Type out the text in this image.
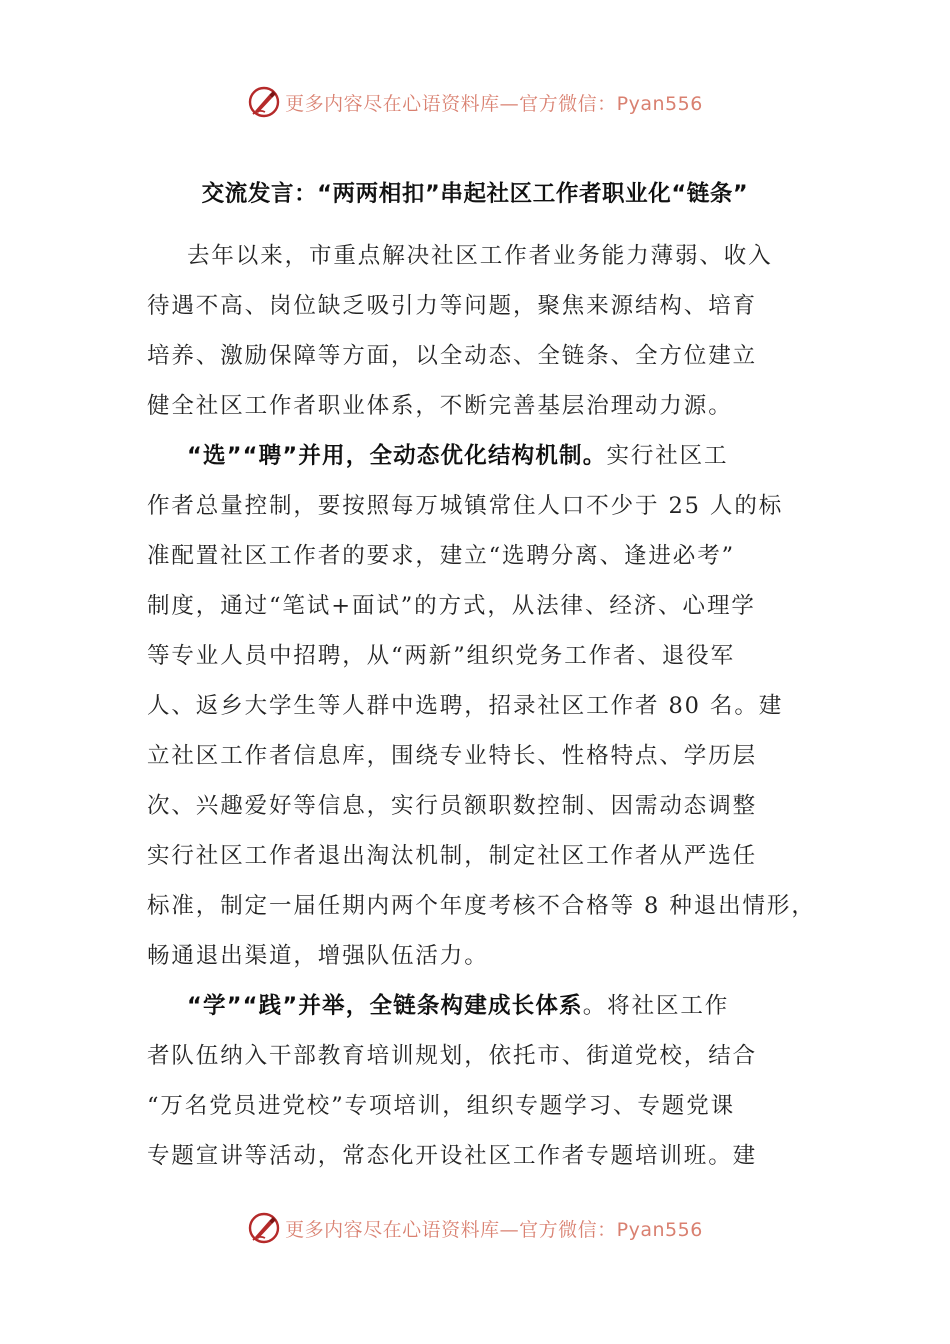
更多内容尽在心语资料库—官方微信：Pyan556
交流发言：“两两相扣”串起社区工作者职业化“链条”
去年以来，市重点解决社区工作者业务能力薄弱、收入
待遇不高、岗位缺乏吸引力等问题，聚焦来源结构、培育
培养、激励保障等方面，以全动态、全链条、全方位建立
健全社区工作者职业体系，不断完善基层治理动力源。
“选”“聘”并用，全动态优化结构机制。实行社区工
作者总量控制，要按照每万城镇常住人口不少于 25 人的标
准配置社区工作者的要求，建立“选聘分离、逢进必考”
制度，通过“笔试+面试”的方式，从法律、经济、心理学
等专业人员中招聘，从“两新”组织党务工作者、退役军
人、返乡大学生等人群中选聘，招录社区工作者 80 名。建
立社区工作者信息库，围绕专业特长、性格特点、学历层
次、兴趣爱好等信息，实行员额职数控制、因需动态调整
实行社区工作者退出淘汰机制，制定社区工作者从严选任
标准，制定一届任期内两个年度考核不合格等 8 种退出情形，
畅通退出渠道，增强队伍活力。
“学”“践”并举，全链条构建成长体系。将社区工作
者队伍纳入干部教育培训规划，依托市、街道党校，结合
“万名党员进党校”专项培训，组织专题学习、专题党课
专题宣讲等活动，常态化开设社区工作者专题培训班。建
更多内容尽在心语资料库—官方微信：Pyan556
